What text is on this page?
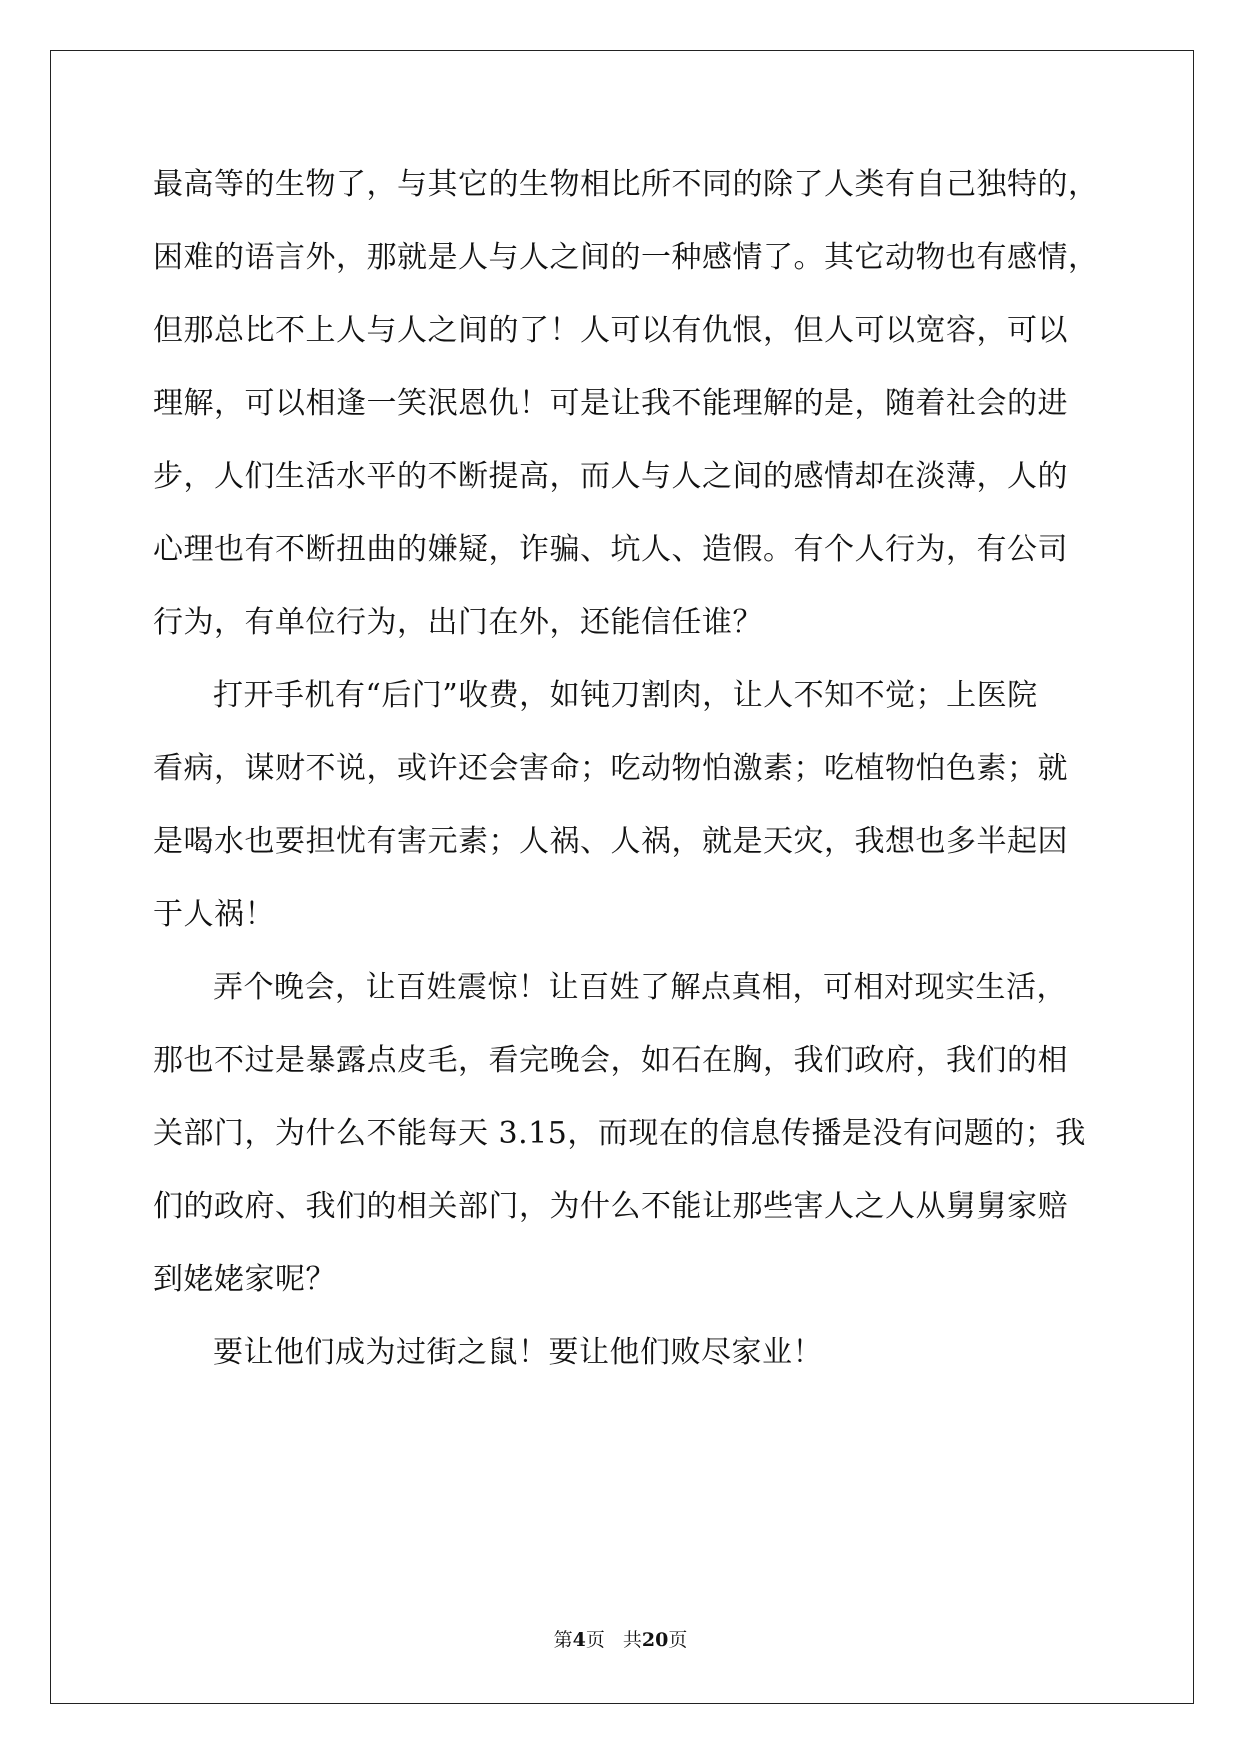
最高等的生物了，与其它的生物相比所不同的除了人类有自己独特的，
困难的语言外，那就是人与人之间的一种感情了。其它动物也有感情，
但那总比不上人与人之间的了！人可以有仇恨，但人可以宽容，可以
理解，可以相逢一笑泯恩仇！可是让我不能理解的是，随着社会的进
步，人们生活水平的不断提高，而人与人之间的感情却在淡薄，人的
心理也有不断扭曲的嫌疑，诈骗、坑人、造假。有个人行为，有公司
行为，有单位行为，出门在外，还能信任谁？
打开手机有“后门”收费，如钝刀割肉，让人不知不觉；上医院
看病，谋财不说，或许还会害命；吃动物怕激素；吃植物怕色素；就
是喝水也要担忧有害元素；人祸、人祸，就是天灾，我想也多半起因
于人祸！
弄个晚会，让百姓震惊！让百姓了解点真相，可相对现实生活，
那也不过是暴露点皮毛，看完晚会，如石在胸，我们政府，我们的相
关部门，为什么不能每天 3.15，而现在的信息传播是没有问题的；我
们的政府、我们的相关部门，为什么不能让那些害人之人从舅舅家赔
到姥姥家呢？
要让他们成为过街之鼠！要让他们败尽家业！
第4页 共20页
